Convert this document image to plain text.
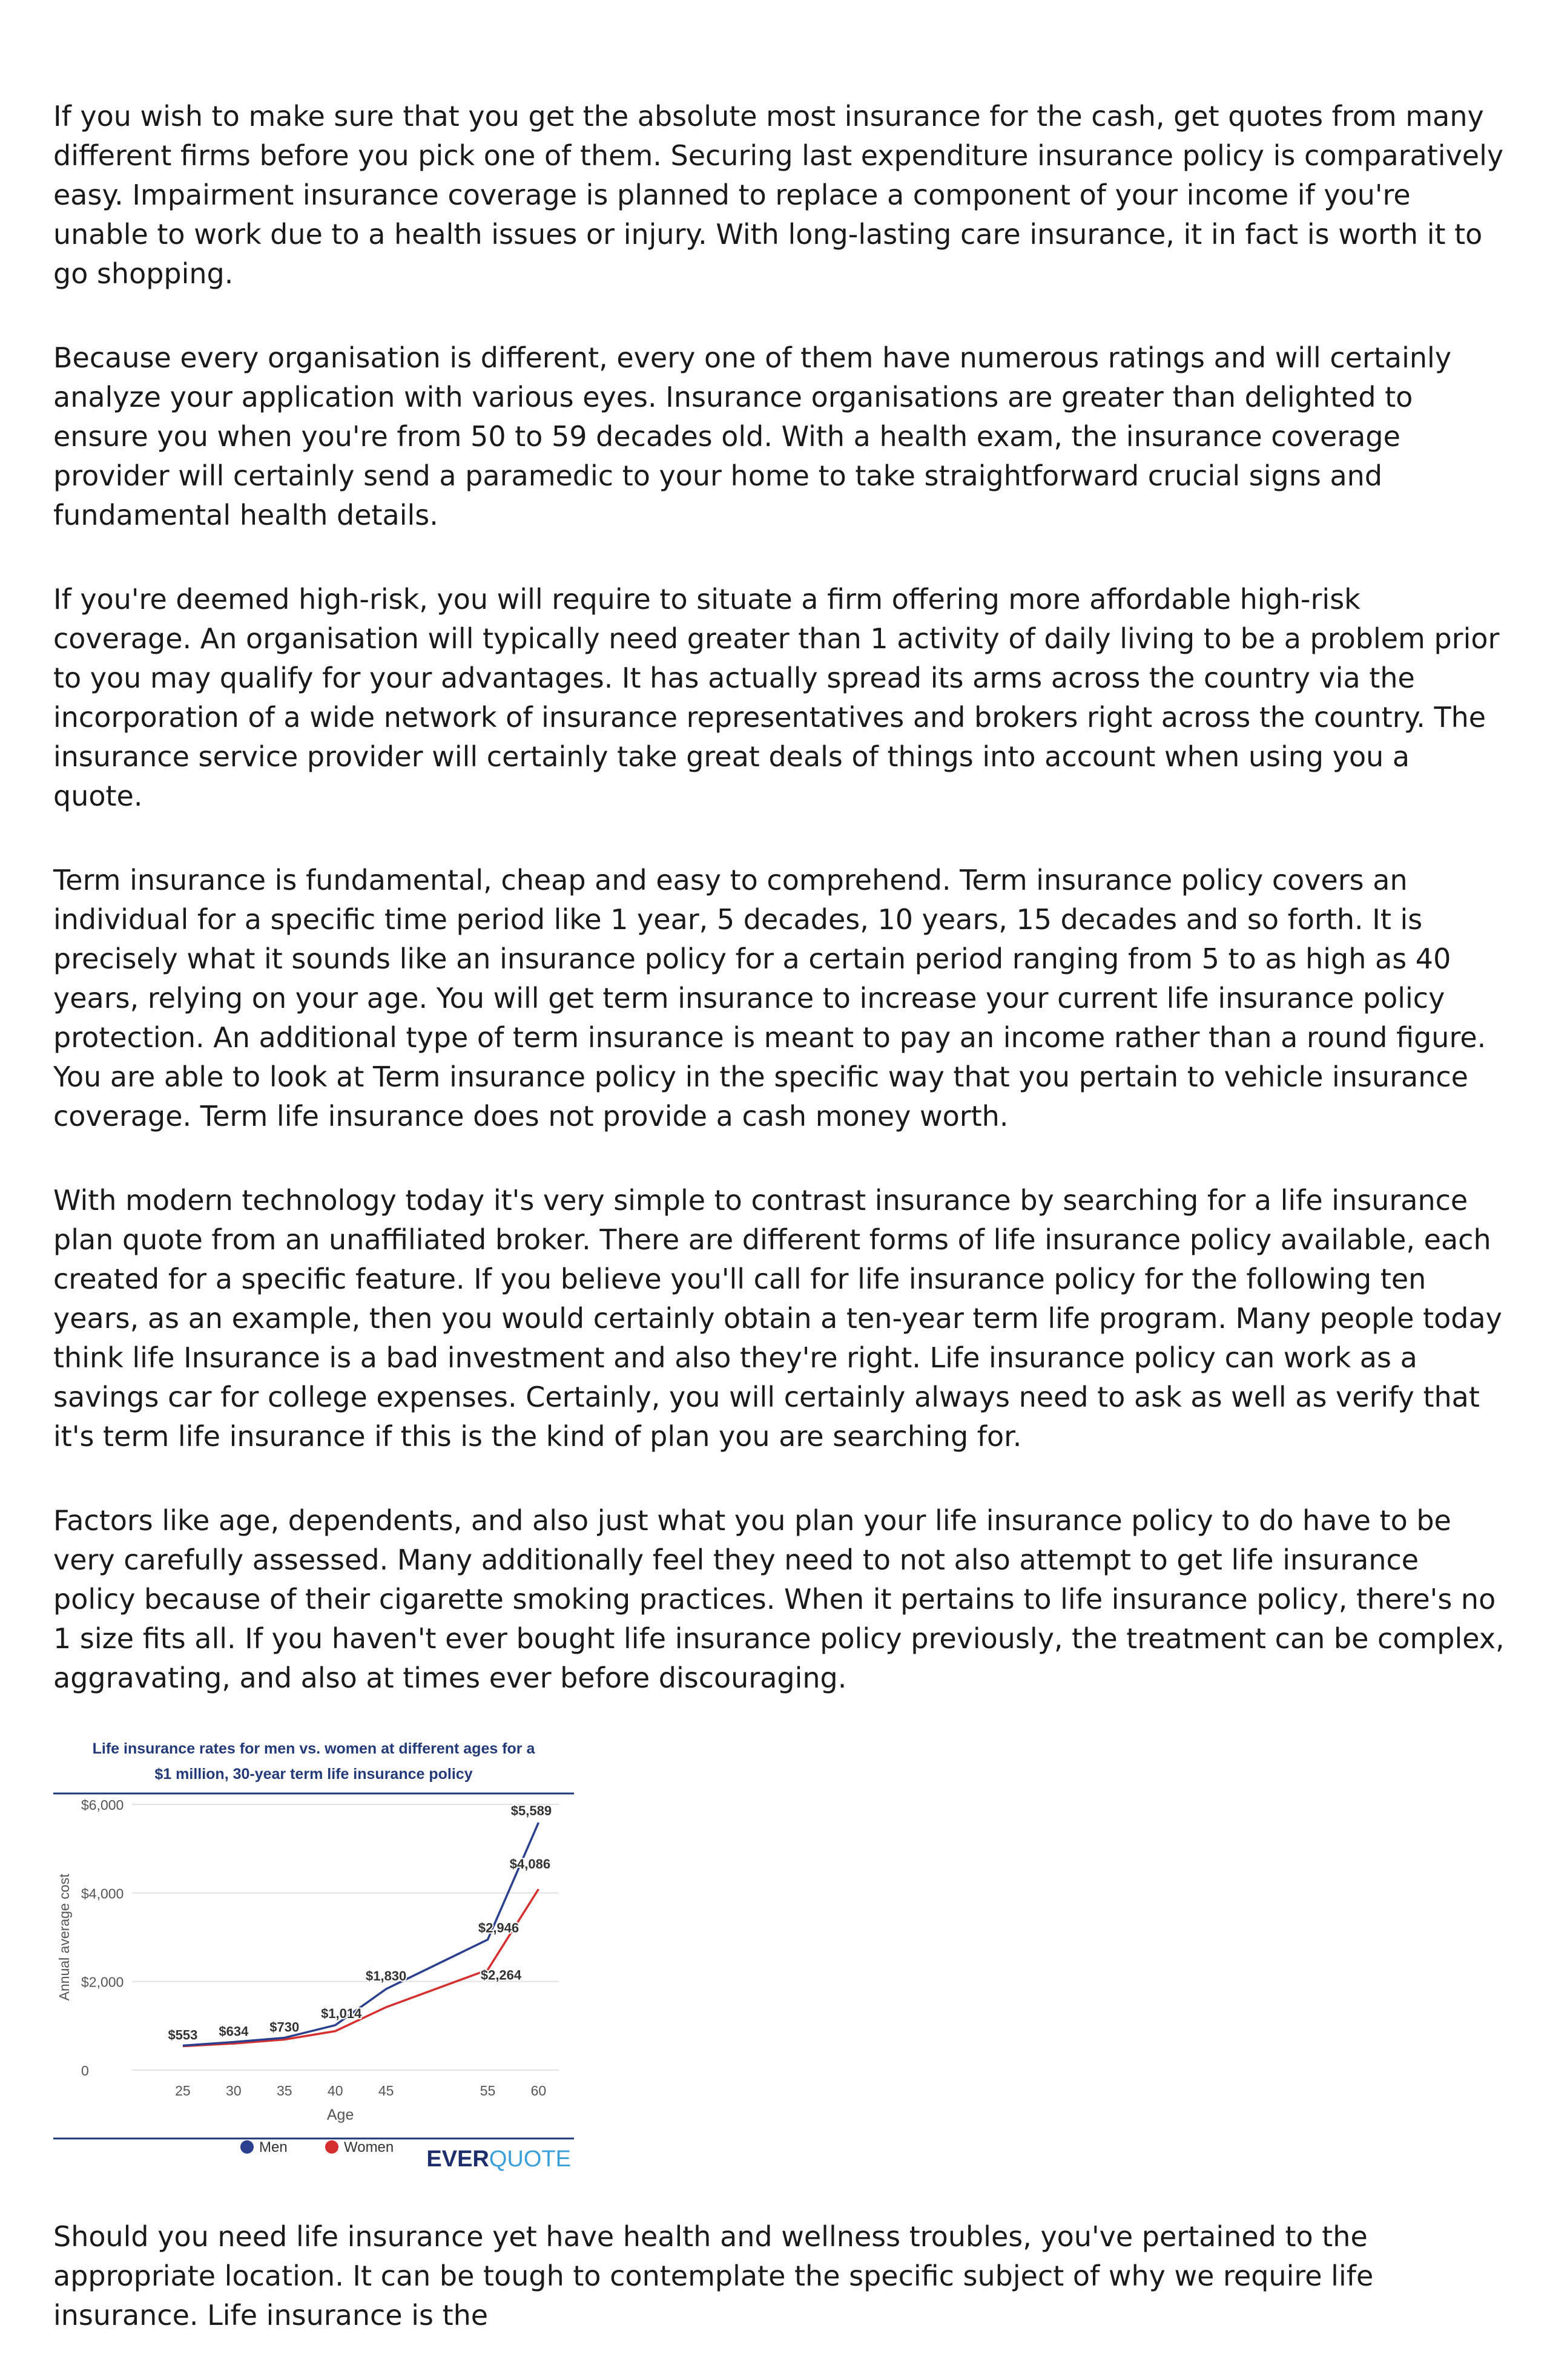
If you wish to make sure that you get the absolute most insurance for the cash, get quotes from many different firms before you pick one of them. Securing last expenditure insurance policy is comparatively easy. Impairment insurance coverage is planned to replace a component of your income if you're unable to work due to a health issues or injury. With long-lasting care insurance, it in fact is worth it to go shopping.

Because every organisation is different, every one of them have numerous ratings and will certainly analyze your application with various eyes. Insurance organisations are greater than delighted to ensure you when you're from 50 to 59 decades old. With a health exam, the insurance coverage provider will certainly send a paramedic to your home to take straightforward crucial signs and fundamental health details.

If you're deemed high-risk, you will require to situate a firm offering more affordable high-risk coverage. An organisation will typically need greater than 1 activity of daily living to be a problem prior to you may qualify for your advantages. It has actually spread its arms across the country via the incorporation of a wide network of insurance representatives and brokers right across the country. The insurance service provider will certainly take great deals of things into account when using you a quote.

Term insurance is fundamental, cheap and easy to comprehend. Term insurance policy covers an individual for a specific time period like 1 year, 5 decades, 10 years, 15 decades and so forth. It is precisely what it sounds like an insurance policy for a certain period ranging from 5 to as high as 40 years, relying on your age. You will get term insurance to increase your current life insurance policy protection. An additional type of term insurance is meant to pay an income rather than a round figure. You are able to look at Term insurance policy in the specific way that you pertain to vehicle insurance coverage. Term life insurance does not provide a cash money worth.

With modern technology today it's very simple to contrast insurance by searching for a life insurance plan quote from an unaffiliated broker. There are different forms of life insurance policy available, each created for a specific feature. If you believe you'll call for life insurance policy for the following ten years, as an example, then you would certainly obtain a ten-year term life program. Many people today think life Insurance is a bad investment and also they're right. Life insurance policy can work as a savings car for college expenses. Certainly, you will certainly always need to ask as well as verify that it's term life insurance if this is the kind of plan you are searching for.

Factors like age, dependents, and also just what you plan your life insurance policy to do have to be very carefully assessed. Many additionally feel they need to not also attempt to get life insurance policy because of their cigarette smoking practices. When it pertains to life insurance policy, there's no 1 size fits all. If you haven't ever bought life insurance policy previously, the treatment can be complex, aggravating, and also at times ever before discouraging.

Life insurance rates for men vs. women at different ages for a
$1 million, 30-year term life insurance policy
0
$2,000
$4,000
$6,000
Annual average cost
25	30	35	40	45	55	60
Age
$553 $634 $730
$1,014
$1,830
$2,946
$2,264
$5,589
$4,086
Men	Women EVERQUOTE

Should you need life insurance yet have health and wellness troubles, you've pertained to the appropriate location. It can be tough to contemplate the specific subject of why we require life insurance. Life insurance is the
